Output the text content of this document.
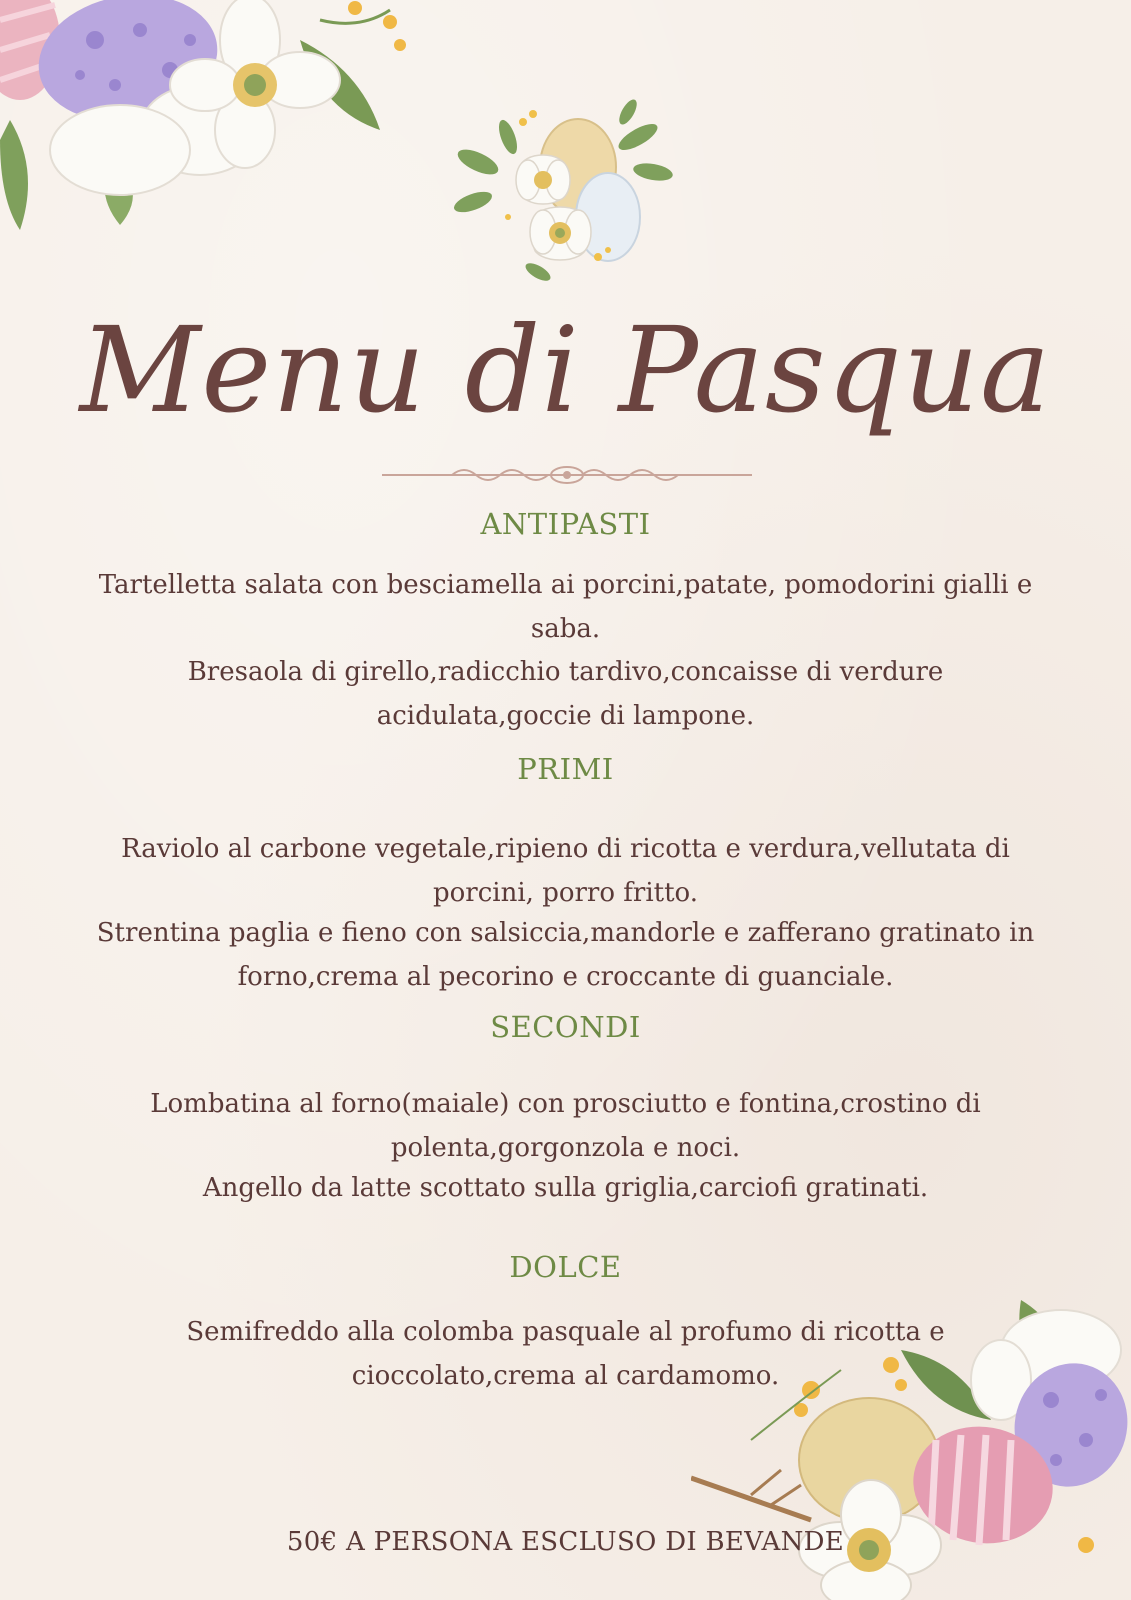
Menu di Pasqua
ANTIPASTI
Tartelletta salata con besciamella ai porcini,patate, pomodorini gialli e saba.
Bresaola di girello,radicchio tardivo,concaisse di verdure acidulata,goccie di lampone.
PRIMI
Raviolo al carbone vegetale,ripieno di ricotta e verdura,vellutata di porcini, porro fritto.
Strentina paglia e fieno con salsiccia,mandorle e zafferano gratinato in forno,crema al pecorino e croccante di guanciale.
SECONDI
Lombatina al forno(maiale) con prosciutto e fontina,crostino di polenta,gorgonzola e noci.
Angello da latte scottato sulla griglia,carciofi gratinati.
DOLCE
Semifreddo alla colomba pasquale al profumo di ricotta e cioccolato,crema al cardamomo.
50€ A PERSONA ESCLUSO DI BEVANDE
